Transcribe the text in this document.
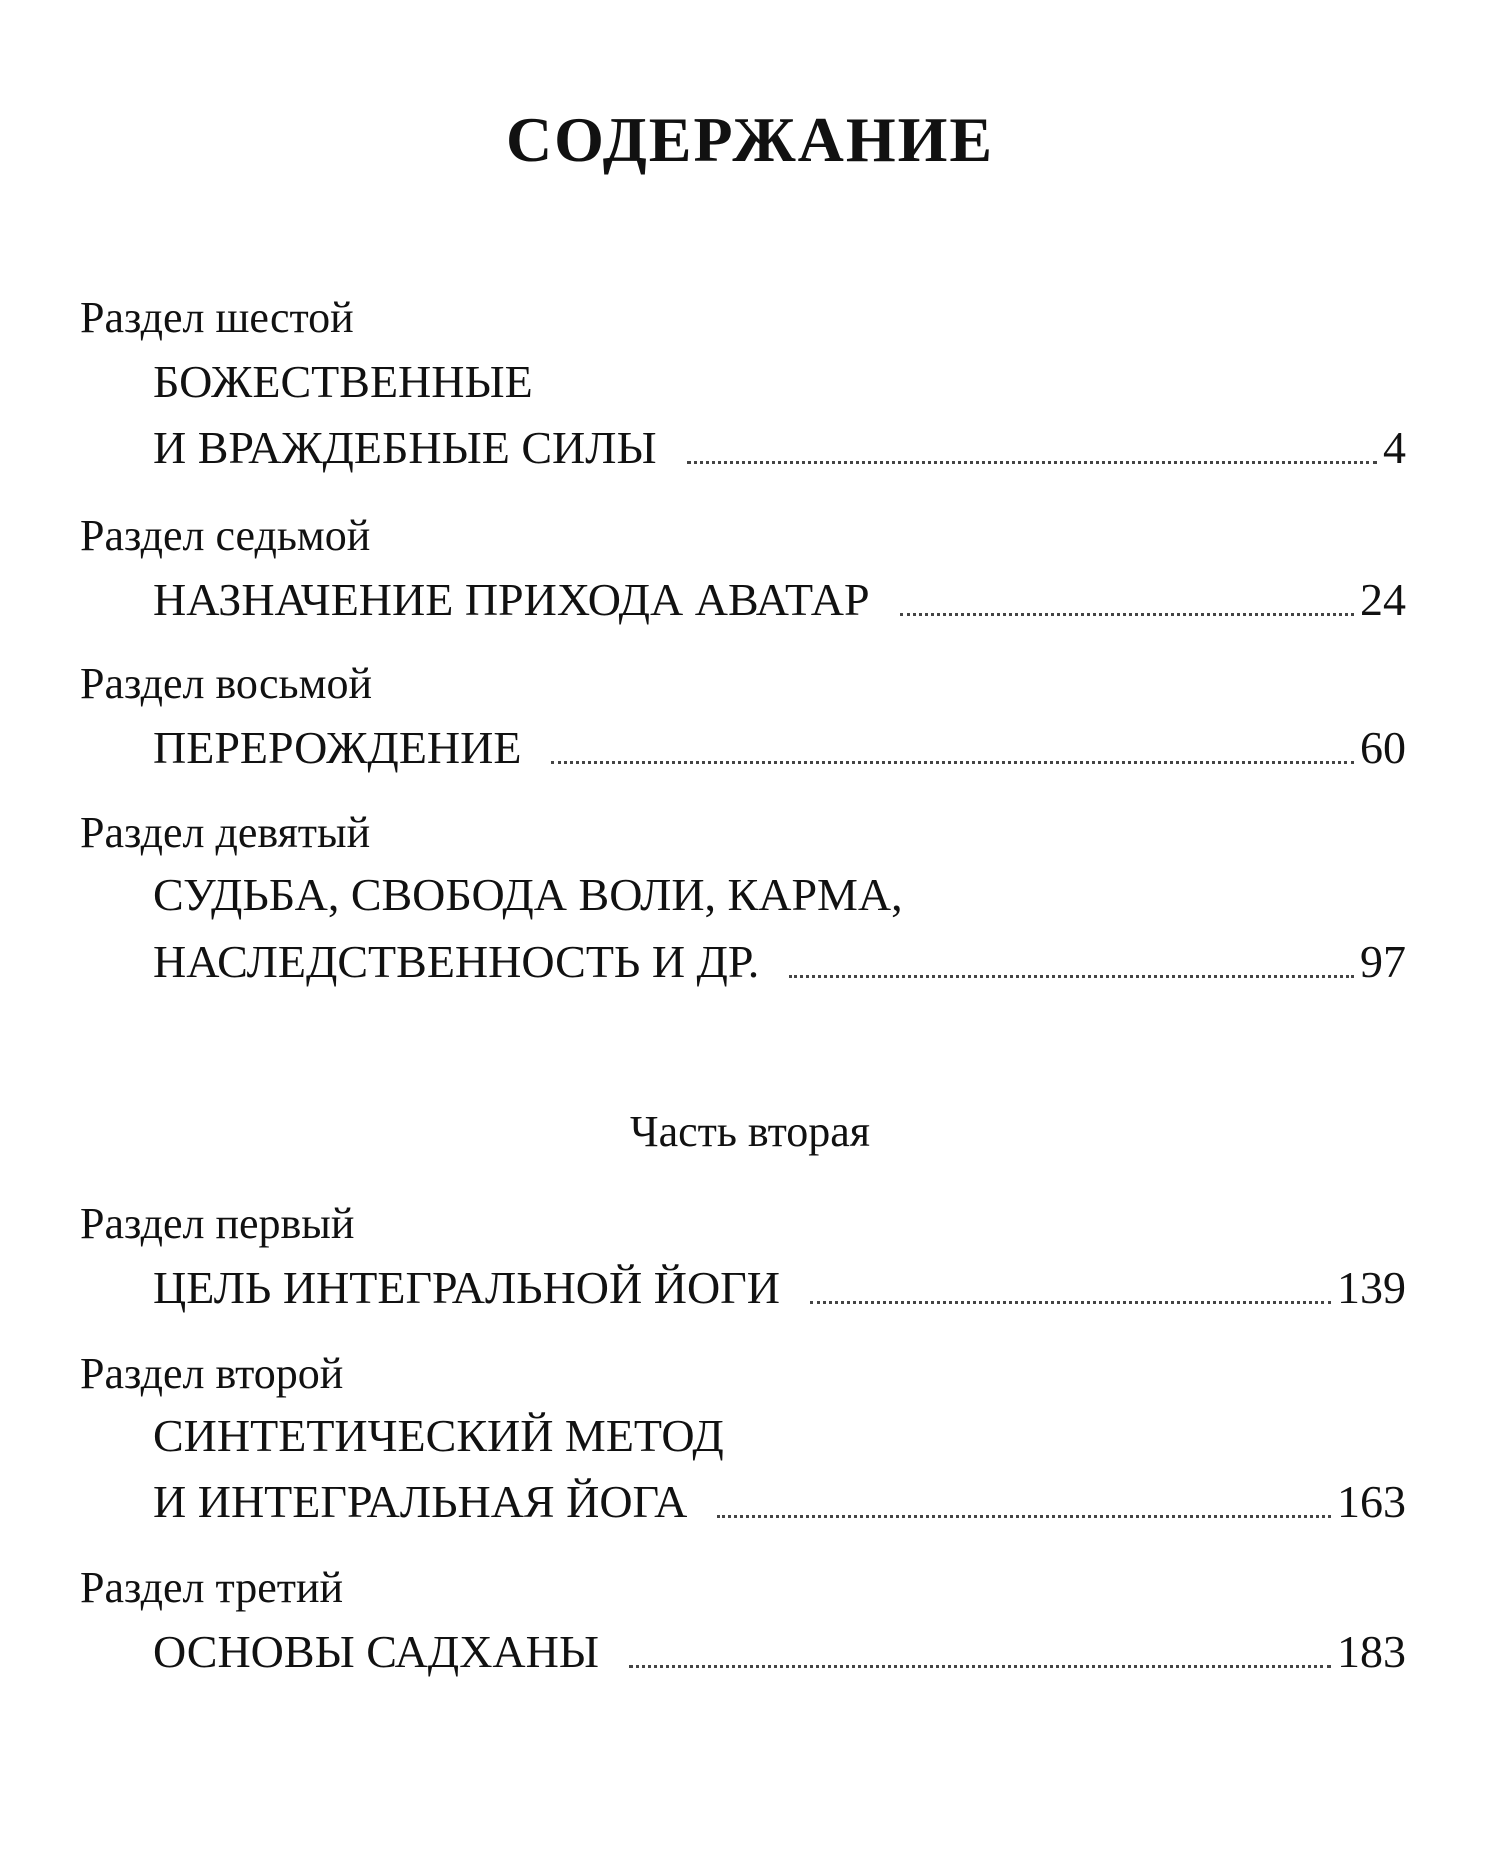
СОДЕРЖАНИЕ
Раздел шестой
БОЖЕСТВЕННЫЕ
И ВРАЖДЕБНЫЕ СИЛЫ	4
Раздел седьмой
НАЗНАЧЕНИЕ ПРИХОДА АВАТАР	24
Раздел восьмой
ПЕРЕРОЖДЕНИЕ	60
Раздел девятый
СУДЬБА, СВОБОДА ВОЛИ, КАРМА,
НАСЛЕДСТВЕННОСТЬ И ДР.	97
Часть вторая
Раздел первый
ЦЕЛЬ ИНТЕГРАЛЬНОЙ ЙОГИ	139
Раздел второй
СИНТЕТИЧЕСКИЙ МЕТОД
И ИНТЕГРАЛЬНАЯ ЙОГА	163
Раздел третий
ОСНОВЫ САДХАНЫ	183
